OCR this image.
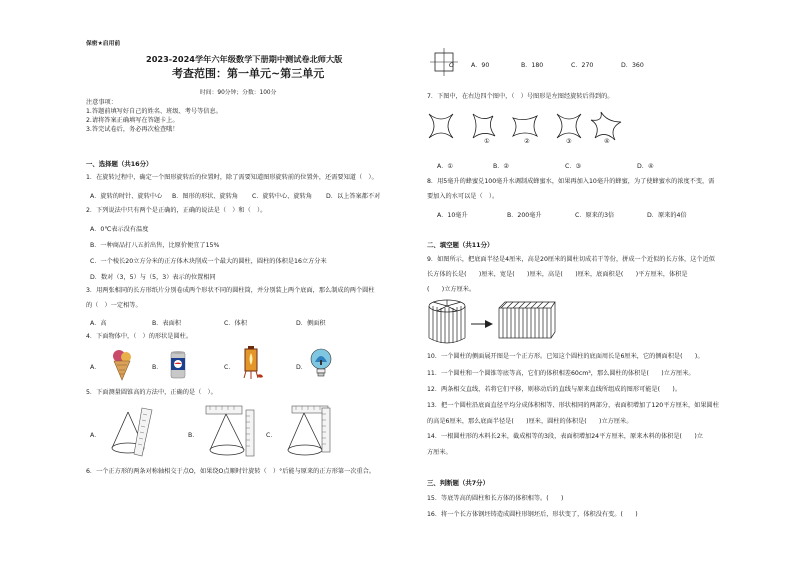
保密★启用前
2023-2024学年六年级数学下册期中测试卷北师大版
考查范围：第一单元~第三单元
时间：90分钟；分数：100分
注意事项：
1.答题前填写好自己的姓名、班级、考号等信息。
2.请将答案正确填写在答题卡上。
3.答完试卷后，务必再次检查哦！
一、选择题（共16分）
1．在旋转过程中，确定一个图形旋转后的位置时，除了需要知道图形旋转前的位置外，还需要知道（　）。
A．旋转的时针、旋转中心 B．图形的形状、旋转角 C．旋转中心、旋转角 D．以上答案都不对
2．下列说法中只有两个是正确的，正确的说法是（　）和（　）。
A．0℃表示没有温度
B．一种商品打八五折出售，比原价便宜了15%
C．一个棱长20立方分米的正方体木块削成一个最大的圆柱，圆柱的体积是16立方分米
D．数对（3，5）与（5，3）表示的位置相同
3．用两张相同的长方形纸片分别卷成两个形状不同的圆柱筒，并分别装上两个底面，那么制成的两个圆柱
的（　）一定相等。
A．高	B．表面积	C．体积	D．侧面积
4．下面物体中，（　）的形状是圆柱。
A．	B．	C．	D．
5．下面测量圆锥高的方法中，正确的是（　）。
A．	B．	C．
6．一个正方形的两条对称轴相交于点O，如果绕O点顺时针旋转（　）°后能与原来的正方形第一次重合。
O	A．90	B．180	C．270	D．360
7．下图中，在右边四个图中，（　）号图形是左图经旋转后得到的。
①	②	③	④
A．①	B．②	C．③	D．④
8．用5毫升的蜂蜜兑100毫升水调制成蜂蜜水，如果再加入10毫升的蜂蜜，为了使蜂蜜水的浓度不变，需
要加入的水可以是（　）。
A．10毫升	B．200毫升	C．原来的3倍	D．原来的4倍
二、填空题（共11分）
9．如图所示，把底面半径是4厘米，高是20厘米的圆柱切成若干等份，拼成一个近似的长方体，这个近似
长方体的长是(　　)厘米，宽是(　　)厘米，高是(　　)厘米，底面积是(　　)平方厘米，体积是
(　　)立方厘米。
10．一个圆柱的侧面展开图是一个正方形。已知这个圆柱的底面周长是6厘米，它的侧面积是(　　)。
11．一个圆柱和一个圆锥等底等高，它们的体积相差60cm³，那么圆柱的体积是(　　)立方厘米。
12．两条相交直线，若将它们平移，则移动后的直线与原来直线所组成的图形可能是(　　)。
13．把一个圆柱沿底面直径平均分成体积相等、形状相同的两部分，表面积增加了120平方厘米，如果圆柱
的高是6厘米，那么底面半径是(　　)厘米，圆柱的体积是(　　)立方厘米。
14．一根圆柱形的木料长2米，截成相等的3段，表面积增加24平方厘米，原来木料的体积是(　　)立
方厘米。
三、判断题（共7分）
15．等底等高的圆柱和长方体的体积相等。(　　)
16．将一个长方体钢坯铸造成圆柱形钢坯后，形状变了，体积没有变。(　　)
